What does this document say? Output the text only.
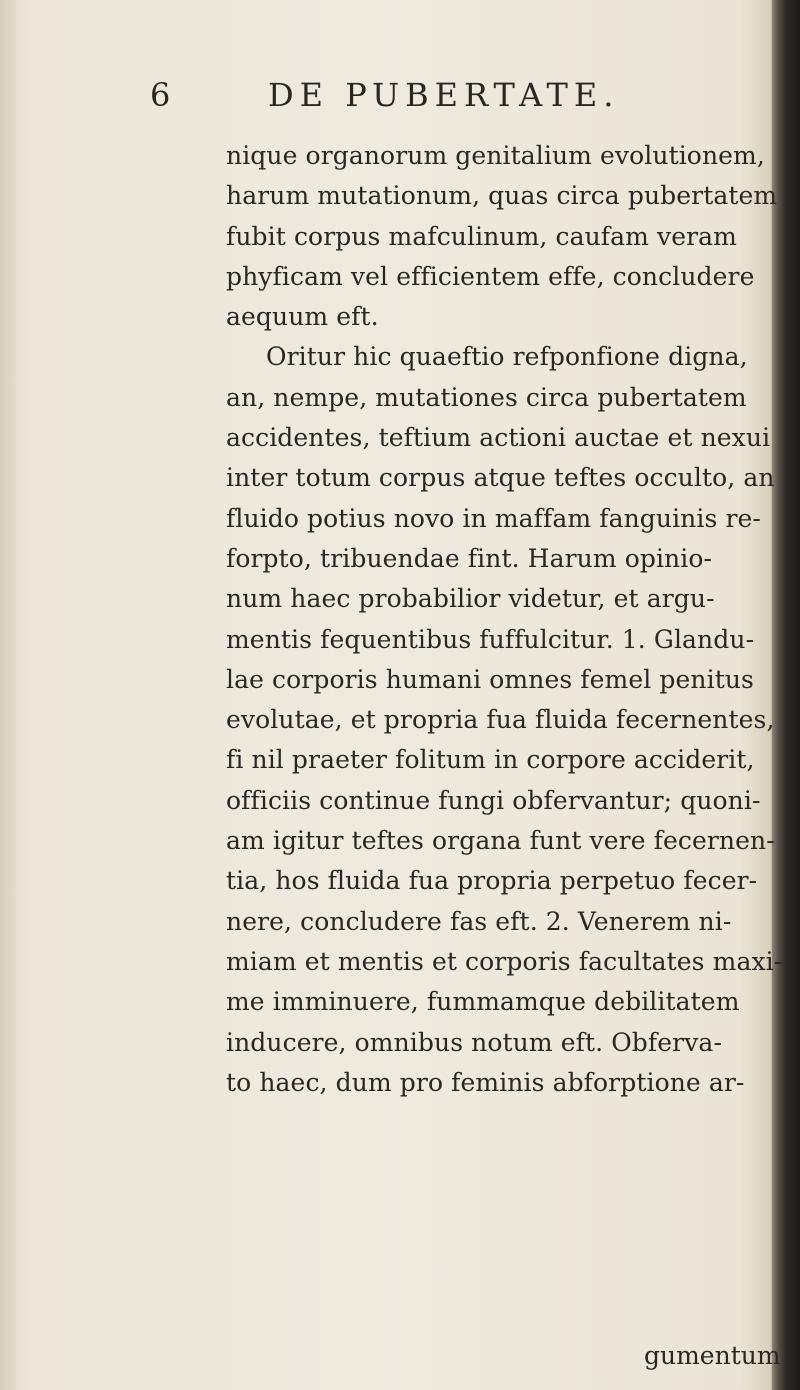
6	DE PUBERTATE.
nique organorum genitalium evolutionem,
harum mutationum, quas circa pubertatem
fubit corpus mafculinum, caufam veram
phyficam vel efficientem effe, concludere
aequum eft.
Oritur hic quaeftio refponfione digna,
an, nempe, mutationes circa pubertatem
accidentes, teftium actioni auctae et nexui
inter totum corpus atque teftes occulto, an
fluido potius novo in maffam fanguinis re-
forpto, tribuendae fint. Harum opinio-
num haec probabilior videtur, et argu-
mentis fequentibus fuffulcitur. 1. Glandu-
lae corporis humani omnes femel penitus
evolutae, et propria fua fluida fecernentes,
fi nil praeter folitum in corpore acciderit,
officiis continue fungi obfervantur; quoni-
am igitur teftes organa funt vere fecernen-
tia, hos fluida fua propria perpetuo fecer-
nere, concludere fas eft. 2. Venerem ni-
miam et mentis et corporis facultates maxi-
me imminuere, fummamque debilitatem
inducere, omnibus notum eft. Obferva-
to haec, dum pro feminis abforptione ar-
gumentum
